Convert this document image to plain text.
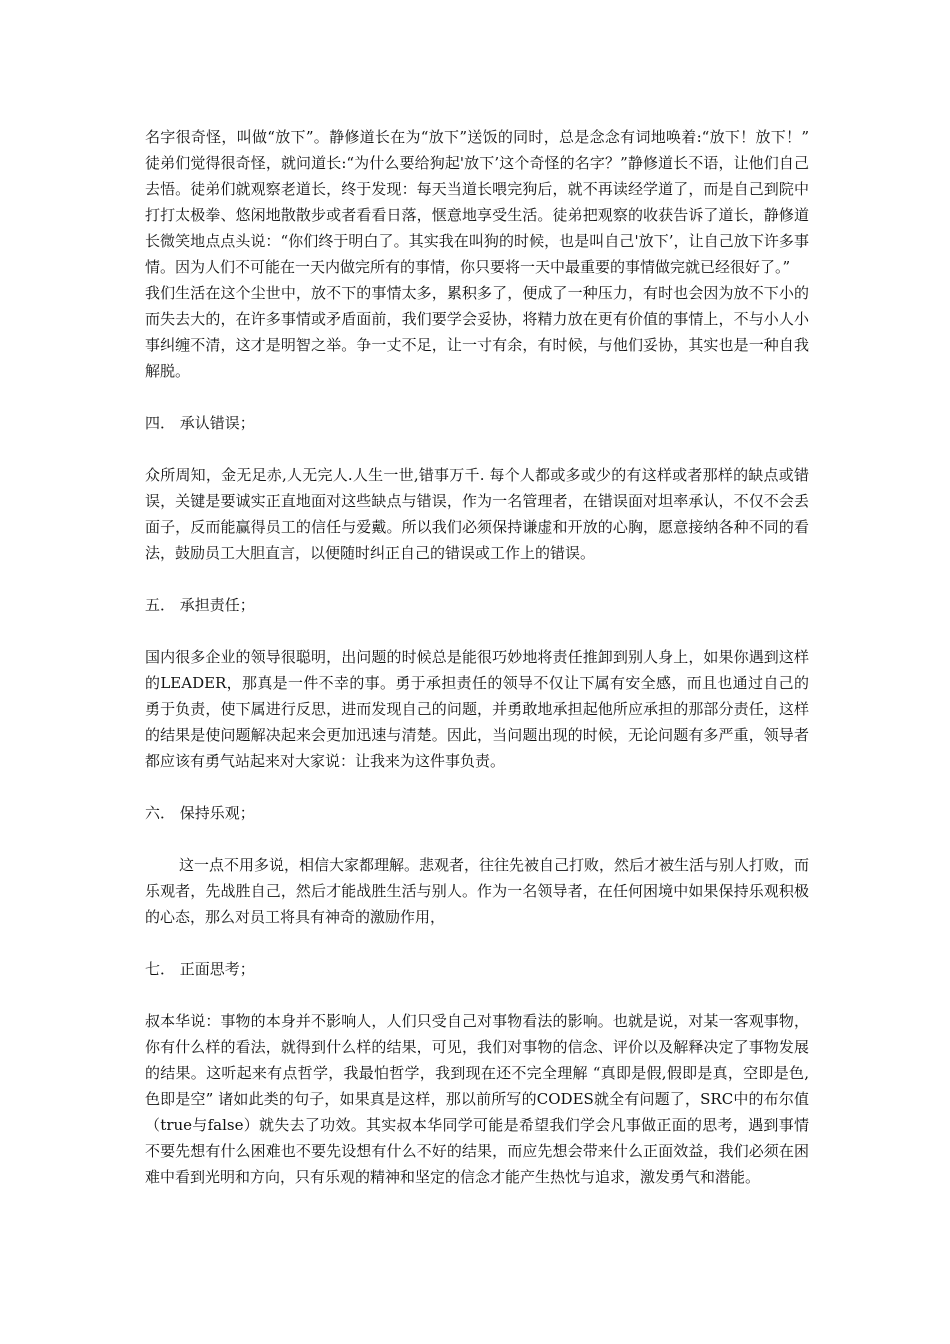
名字很奇怪，叫做“放下”。静修道长在为“放下”送饭的同时，总是念念有词地唤着:“放下！放下！” 徒弟们觉得很奇怪，就问道长:“为什么要给狗起'放下’这个奇怪的名字？”静修道长不语，让他们自己去悟。徒弟们就观察老道长，终于发现：每天当道长喂完狗后，就不再读经学道了，而是自己到院中打打太极拳、悠闲地散散步或者看看日落，惬意地享受生活。徒弟把观察的收获告诉了道长，静修道长微笑地点点头说：“你们终于明白了。其实我在叫狗的时候，也是叫自己'放下’，让自己放下许多事情。因为人们不可能在一天内做完所有的事情，你只要将一天中最重要的事情做完就已经很好了。”

我们生活在这个尘世中，放不下的事情太多，累积多了，便成了一种压力，有时也会因为放不下小的而失去大的，在许多事情或矛盾面前，我们要学会妥协，将精力放在更有价值的事情上，不与小人小事纠缠不清，这才是明智之举。争一丈不足，让一寸有余，有时候，与他们妥协，其实也是一种自我解脱。

四． 承认错误；

众所周知，金无足赤,人无完人.人生一世,错事万千. 每个人都或多或少的有这样或者那样的缺点或错误，关键是要诚实正直地面对这些缺点与错误，作为一名管理者，在错误面对坦率承认，不仅不会丢面子，反而能赢得员工的信任与爱戴。所以我们必须保持谦虚和开放的心胸，愿意接纳各种不同的看法，鼓励员工大胆直言，以便随时纠正自己的错误或工作上的错误。

五． 承担责任；

国内很多企业的领导很聪明，出问题的时候总是能很巧妙地将责任推卸到别人身上，如果你遇到这样的LEADER，那真是一件不幸的事。勇于承担责任的领导不仅让下属有安全感，而且也通过自己的勇于负责，使下属进行反思，进而发现自己的问题，并勇敢地承担起他所应承担的那部分责任，这样的结果是使问题解决起来会更加迅速与清楚。因此，当问题出现的时候，无论问题有多严重，领导者都应该有勇气站起来对大家说：让我来为这件事负责。

六． 保持乐观；

这一点不用多说，相信大家都理解。悲观者，往往先被自己打败，然后才被生活与别人打败，而乐观者，先战胜自己，然后才能战胜生活与别人。作为一名领导者，在任何困境中如果保持乐观积极的心态，那么对员工将具有神奇的激励作用，

七． 正面思考；

叔本华说：事物的本身并不影响人，人们只受自己对事物看法的影响。也就是说，对某一客观事物，你有什么样的看法，就得到什么样的结果，可见，我们对事物的信念、评价以及解释决定了事物发展的结果。这听起来有点哲学，我最怕哲学，我到现在还不完全理解 “真即是假,假即是真，空即是色,色即是空” 诸如此类的句子，如果真是这样，那以前所写的CODES就全有问题了，SRC中的布尔值（true与false）就失去了功效。其实叔本华同学可能是希望我们学会凡事做正面的思考，遇到事情不要先想有什么困难也不要先设想有什么不好的结果，而应先想会带来什么正面效益，我们必须在困难中看到光明和方向，只有乐观的精神和坚定的信念才能产生热忱与追求，激发勇气和潜能。
